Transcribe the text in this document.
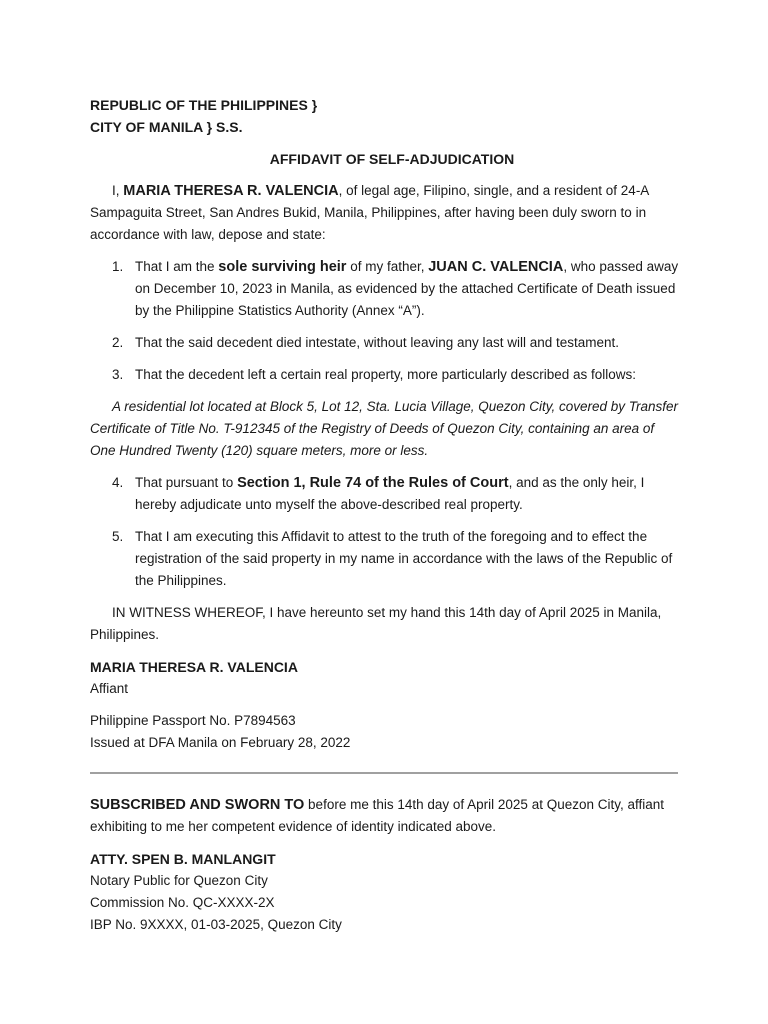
REPUBLIC OF THE PHILIPPINES }

CITY OF MANILA } S.S.

AFFIDAVIT OF SELF-ADJUDICATION

I, MARIA THERESA R. VALENCIA, of legal age, Filipino, single, and a resident of 24-A Sampaguita Street, San Andres Bukid, Manila, Philippines, after having been duly sworn to in accordance with law, depose and state:

1. That I am the sole surviving heir of my father, JUAN C. VALENCIA, who passed away on December 10, 2023 in Manila, as evidenced by the attached Certificate of Death issued by the Philippine Statistics Authority (Annex “A”).
2. That the said decedent died intestate, without leaving any last will and testament.
3. That the decedent left a certain real property, more particularly described as follows:

A residential lot located at Block 5, Lot 12, Sta. Lucia Village, Quezon City, covered by Transfer Certificate of Title No. T-912345 of the Registry of Deeds of Quezon City, containing an area of One Hundred Twenty (120) square meters, more or less.

4. That pursuant to Section 1, Rule 74 of the Rules of Court, and as the only heir, I hereby adjudicate unto myself the above-described real property.
5. That I am executing this Affidavit to attest to the truth of the foregoing and to effect the registration of the said property in my name in accordance with the laws of the Republic of the Philippines.

IN WITNESS WHEREOF, I have hereunto set my hand this 14th day of April 2025 in Manila, Philippines.

MARIA THERESA R. VALENCIA

Affiant

Philippine Passport No. P7894563

Issued at DFA Manila on February 28, 2022

SUBSCRIBED AND SWORN TO before me this 14th day of April 2025 at Quezon City, affiant exhibiting to me her competent evidence of identity indicated above.

ATTY. SPEN B. MANLANGIT

Notary Public for Quezon City

Commission No. QC-XXXX-2X

IBP No. 9XXXX, 01-03-2025, Quezon City
